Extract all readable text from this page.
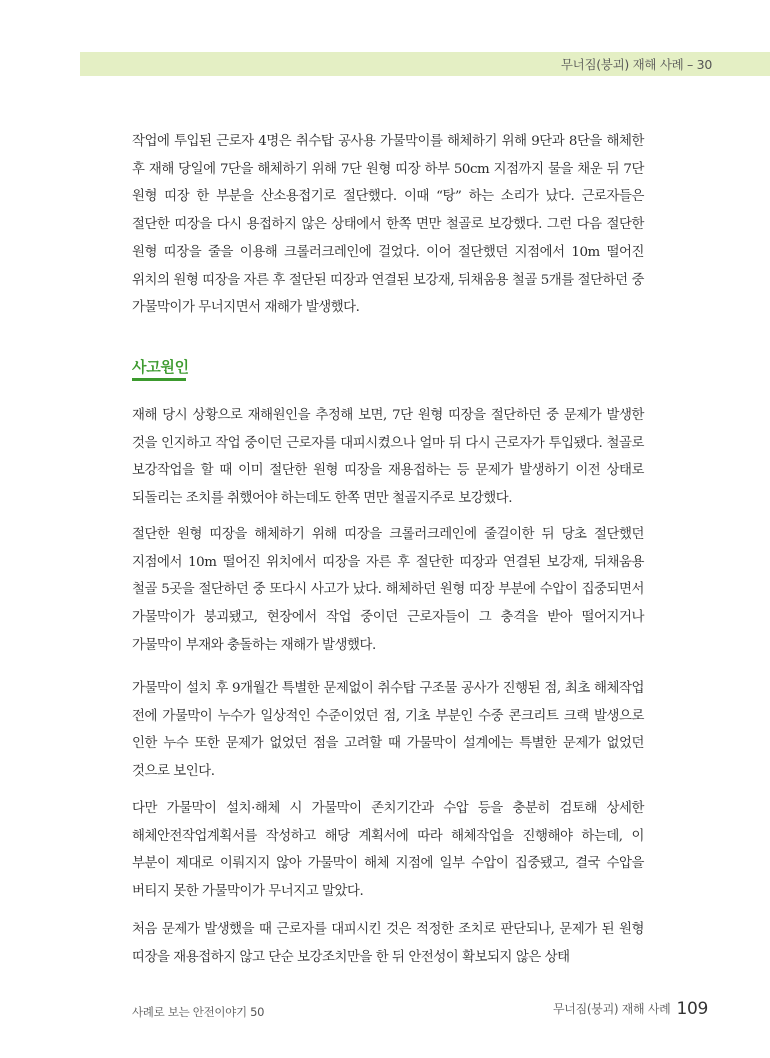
무너짐(붕괴) 재해 사례 – 30
작업에 투입된 근로자 4명은 취수탑 공사용 가물막이를 해체하기 위해 9단과 8단을 해체한 후 재해 당일에 7단을 해체하기 위해 7단 원형 띠장 하부 50cm 지점까지 물을 채운 뒤 7단 원형 띠장 한 부분을 산소용접기로 절단했다. 이때 “탕” 하는 소리가 났다. 근로자들은 절단한 띠장을 다시 용접하지 않은 상태에서 한쪽 면만 철골로 보강했다. 그런 다음 절단한 원형 띠장을 줄을 이용해 크롤러크레인에 걸었다. 이어 절단했던 지점에서 10m 떨어진 위치의 원형 띠장을 자른 후 절단된 띠장과 연결된 보강재, 뒤채움용 철골 5개를 절단하던 중 가물막이가 무너지면서 재해가 발생했다.
사고원인
재해 당시 상황으로 재해원인을 추정해 보면, 7단 원형 띠장을 절단하던 중 문제가 발생한 것을 인지하고 작업 중이던 근로자를 대피시켰으나 얼마 뒤 다시 근로자가 투입됐다. 철골로 보강작업을 할 때 이미 절단한 원형 띠장을 재용접하는 등 문제가 발생하기 이전 상태로 되돌리는 조치를 취했어야 하는데도 한쪽 면만 철골지주로 보강했다.
절단한 원형 띠장을 해체하기 위해 띠장을 크롤러크레인에 줄걸이한 뒤 당초 절단했던 지점에서 10m 떨어진 위치에서 띠장을 자른 후 절단한 띠장과 연결된 보강재, 뒤채움용 철골 5곳을 절단하던 중 또다시 사고가 났다. 해체하던 원형 띠장 부분에 수압이 집중되면서 가물막이가 붕괴됐고, 현장에서 작업 중이던 근로자들이 그 충격을 받아 떨어지거나 가물막이 부재와 충돌하는 재해가 발생했다.
가물막이 설치 후 9개월간 특별한 문제없이 취수탑 구조물 공사가 진행된 점, 최초 해체작업 전에 가물막이 누수가 일상적인 수준이었던 점, 기초 부분인 수중 콘크리트 크랙 발생으로 인한 누수 또한 문제가 없었던 점을 고려할 때 가물막이 설계에는 특별한 문제가 없었던 것으로 보인다.
다만 가물막이 설치·해체 시 가물막이 존치기간과 수압 등을 충분히 검토해 상세한 해체안전작업계획서를 작성하고 해당 계획서에 따라 해체작업을 진행해야 하는데, 이 부분이 제대로 이뤄지지 않아 가물막이 해체 지점에 일부 수압이 집중됐고, 결국 수압을 버티지 못한 가물막이가 무너지고 말았다.
처음 문제가 발생했을 때 근로자를 대피시킨 것은 적정한 조치로 판단되나, 문제가 된 원형 띠장을 재용접하지 않고 단순 보강조치만을 한 뒤 안전성이 확보되지 않은 상태
사례로 보는 안전이야기 50	무너짐(붕괴) 재해 사례 109
